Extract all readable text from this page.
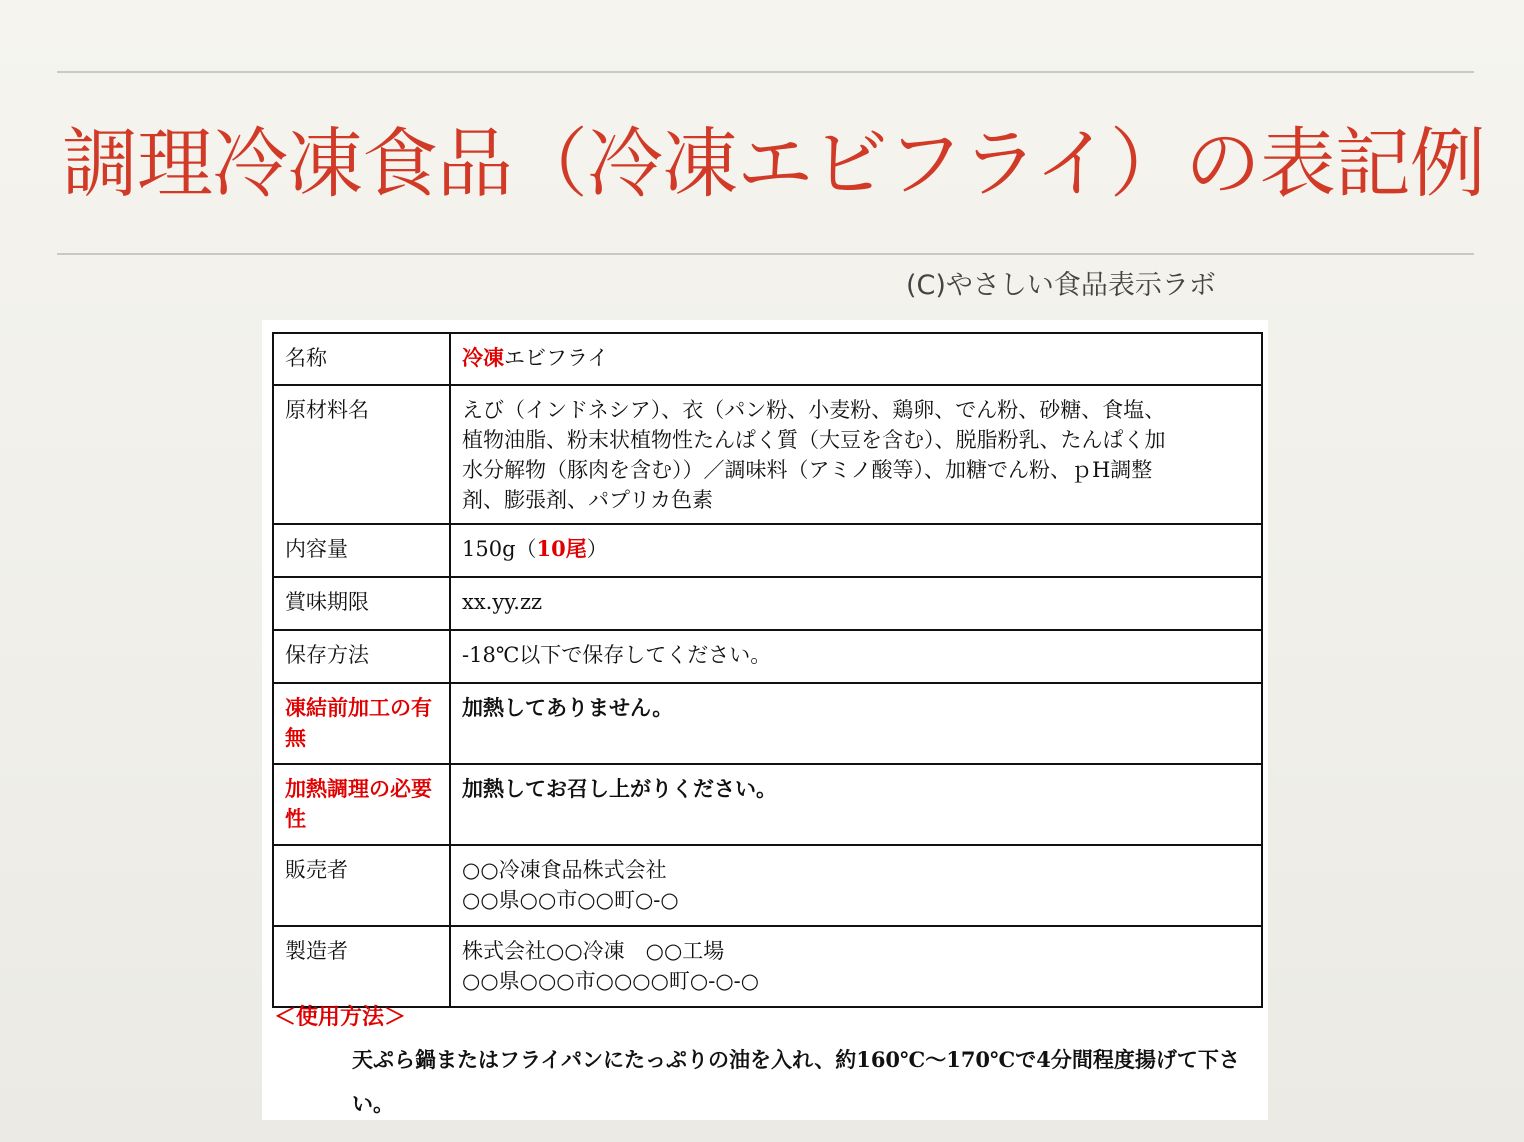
調理冷凍食品（冷凍エビフライ）の表記例
(C)やさしい食品表示ラボ
名称	冷凍エビフライ
原材料名	えび（インドネシア）、衣（パン粉、小麦粉、鶏卵、でん粉、砂糖、食塩、
植物油脂、粉末状植物性たんぱく質（大豆を含む）、脱脂粉乳、たんぱく加
水分解物（豚肉を含む））／調味料（アミノ酸等）、加糖でん粉、ｐH調整
剤、膨張剤、パプリカ色素

内容量	150g（10尾）
賞味期限	xx.yy.zz
保存方法	-18℃以下で保存してください。
凍結前加工の有無	加熱してありません。
加熱調理の必要性	加熱してお召し上がりください。
販売者	○○冷凍食品株式会社
○○県○○市○○町○-○

製造者	株式会社○○冷凍　○○工場
○○県○○○市○○○○町○-○-○
＜使用方法＞
天ぷら鍋またはフライパンにたっぷりの油を入れ、約160℃〜170℃で4分間程度揚げて下さい。
